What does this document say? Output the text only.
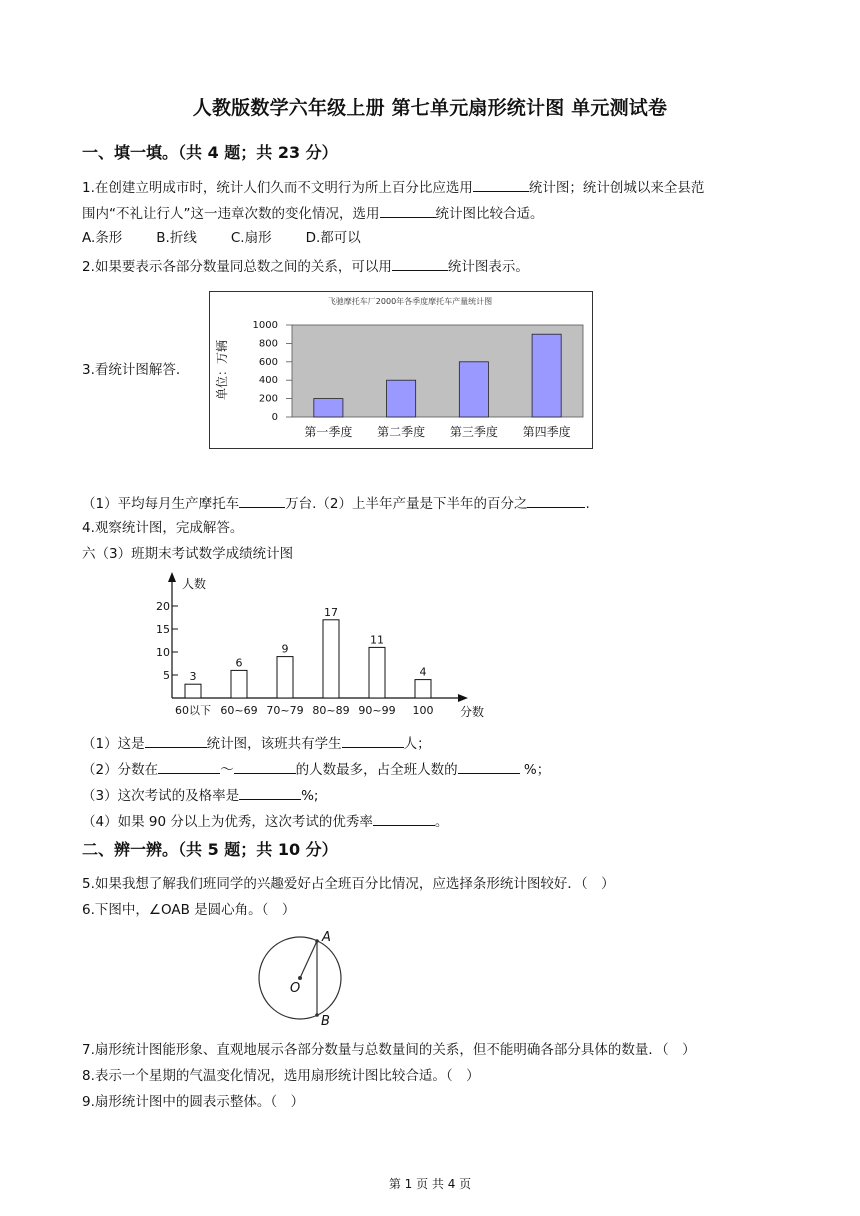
人教版数学六年级上册 第七单元扇形统计图 单元测试卷
一、填一填。（共 4 题；共 23 分）
1.在创建立明成市时，统计人们久而不文明行为所上百分比应选用	统计图；统计创城以来全县范
围内“不礼让行人”这一违章次数的变化情况，选用	统计图比较合适。
A.条形	B.折线	C.扇形	D.都可以
2.如果要表示各部分数量同总数之间的关系，可以用	统计图表示。
3.看统计图解答.
飞驰摩托车厂2000年各季度摩托车产量统计图
单位：万辆
0
200
400
600
800
1000
第一季度 第二季度 第三季度 第四季度
（1）平均每月生产摩托车	万台.（2）上半年产量是下半年的百分之	.
4.观察统计图，完成解答。
六（3）班期末考试数学成绩统计图
人数
分数
5
10
15
20
3
60以下
6
60~69
9
70~79
17
80~89
11
90~99
4
100
（1）这是	统计图，该班共有学生	人；
（2）分数在	～	的人数最多，占全班人数的	%；
（3）这次考试的及格率是	%;
（4）如果 90 分以上为优秀，这次考试的优秀率	。
二、辨一辨。（共 5 题；共 10 分）
5.如果我想了解我们班同学的兴趣爱好占全班百分比情况，应选择条形统计图较好．（　）
6.下图中，∠OAB 是圆心角。（　）
O
A
B
7.扇形统计图能形象、直观地展示各部分数量与总数量间的关系，但不能明确各部分具体的数量．（　）
8.表示一个星期的气温变化情况，选用扇形统计图比较合适。（　）
9.扇形统计图中的圆表示整体。（　）
第 1 页 共 4 页
